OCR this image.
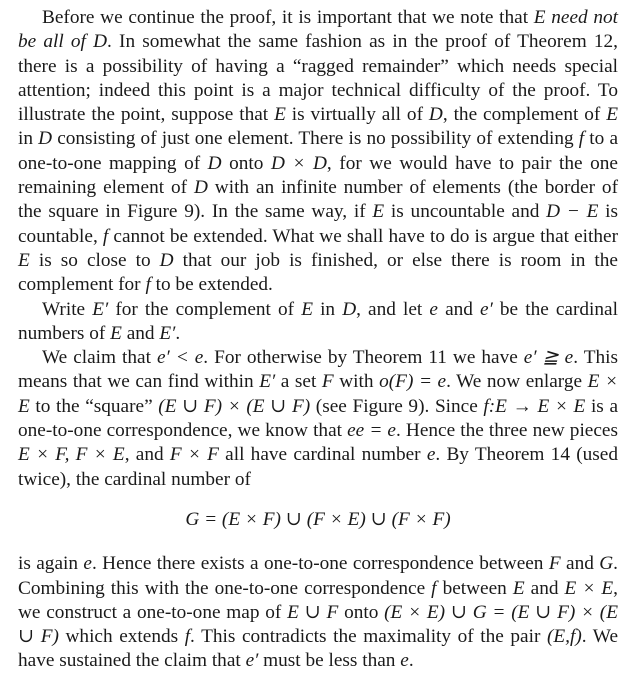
Before we continue the proof, it is important that we note that E need not be all of D. In somewhat the same fashion as in the proof of Theorem 12, there is a possibility of having a “ragged remainder” which needs special attention; indeed this point is a major technical difficulty of the proof. To illustrate the point, suppose that E is virtually all of D, the complement of E in D consisting of just one element. There is no possibility of extending f to a one-to-one mapping of D onto D × D, for we would have to pair the one remaining element of D with an infinite number of elements (the border of the square in Figure 9). In the same way, if E is uncountable and D − E is countable, f cannot be extended. What we shall have to do is argue that either E is so close to D that our job is finished, or else there is room in the complement for f to be extended.

Write E′ for the complement of E in D, and let e and e′ be the cardinal numbers of E and E′.

We claim that e′ < e. For otherwise by Theorem 11 we have e′ ≧ e. This means that we can find within E′ a set F with o(F) = e. We now enlarge E × E to the “square” (E ∪ F) × (E ∪ F) (see Figure 9). Since f:E → E × E is a one-to-one correspondence, we know that ee = e. Hence the three new pieces E × F, F × E, and F × F all have cardinal number e. By Theorem 14 (used twice), the cardinal number of

G = (E × F) ∪ (F × E) ∪ (F × F)

is again e. Hence there exists a one-to-one correspondence between F and G. Combining this with the one-to-one correspondence f between E and E × E, we construct a one-to-one map of E ∪ F onto (E × E) ∪ G = (E ∪ F) × (E ∪ F) which extends f. This contradicts the maximality of the pair (E,f). We have sustained the claim that e′ must be less than e.
